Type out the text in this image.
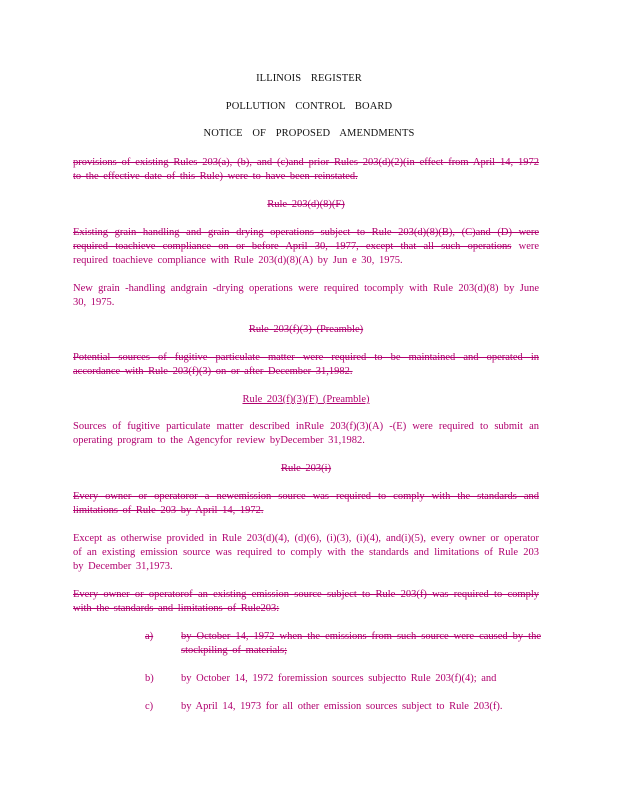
ILLINOIS REGISTER
POLLUTION CONTROL BOARD
NOTICE OF PROPOSED AMENDMENTS
provisions of existing Rules 203(a), (b), and (c)and prior Rules 203(d)(2)(in effect from April 14, 1972 to the effective date of this Rule) were to have been reinstated.
Rule 203(d)(8)(F)
Existing grain handling and grain drying operations subject to Rule 203(d)(8)(B), (C)and (D) were required toachieve compliance on or before April 30, 1977, except that all such operations were required toachieve compliance with Rule 203(d)(8)(A) by Jun e 30, 1975.
New grain -handling andgrain -drying operations were required tocomply with Rule 203(d)(8) by June 30, 1975.
Rule 203(f)(3) (Preamble)
Potential sources of fugitive particulate matter were required to be maintained and operated in accordance with Rule 203(f)(3) on or after December 31,1982.
Rule 203(f)(3)(F) (Preamble)
Sources of fugitive particulate matter described inRule 203(f)(3)(A) -(E) were required to submit an operating program to the Agencyfor review byDecember 31,1982.
Rule 203(i)
Every owner or operatoror a newemission source was required to comply with the standards and limitations of Rule 203 by April 14, 1972.
Except as otherwise provided in Rule 203(d)(4), (d)(6), (i)(3), (i)(4), and(i)(5), every owner or operator of an existing emission source was required to comply with the standards and limitations of Rule 203 by December 31,1973.
Every owner or operatorof an existing emission source subject to Rule 203(f) was required to comply with the standards and limitations of Rule203:
a)	by October 14, 1972 when the emissions from such source were caused by the stockpiling of materials;
b)	by October 14, 1972 foremission sources subjectto Rule 203(f)(4); and
c)	by April 14, 1973 for all other emission sources subject to Rule 203(f).
